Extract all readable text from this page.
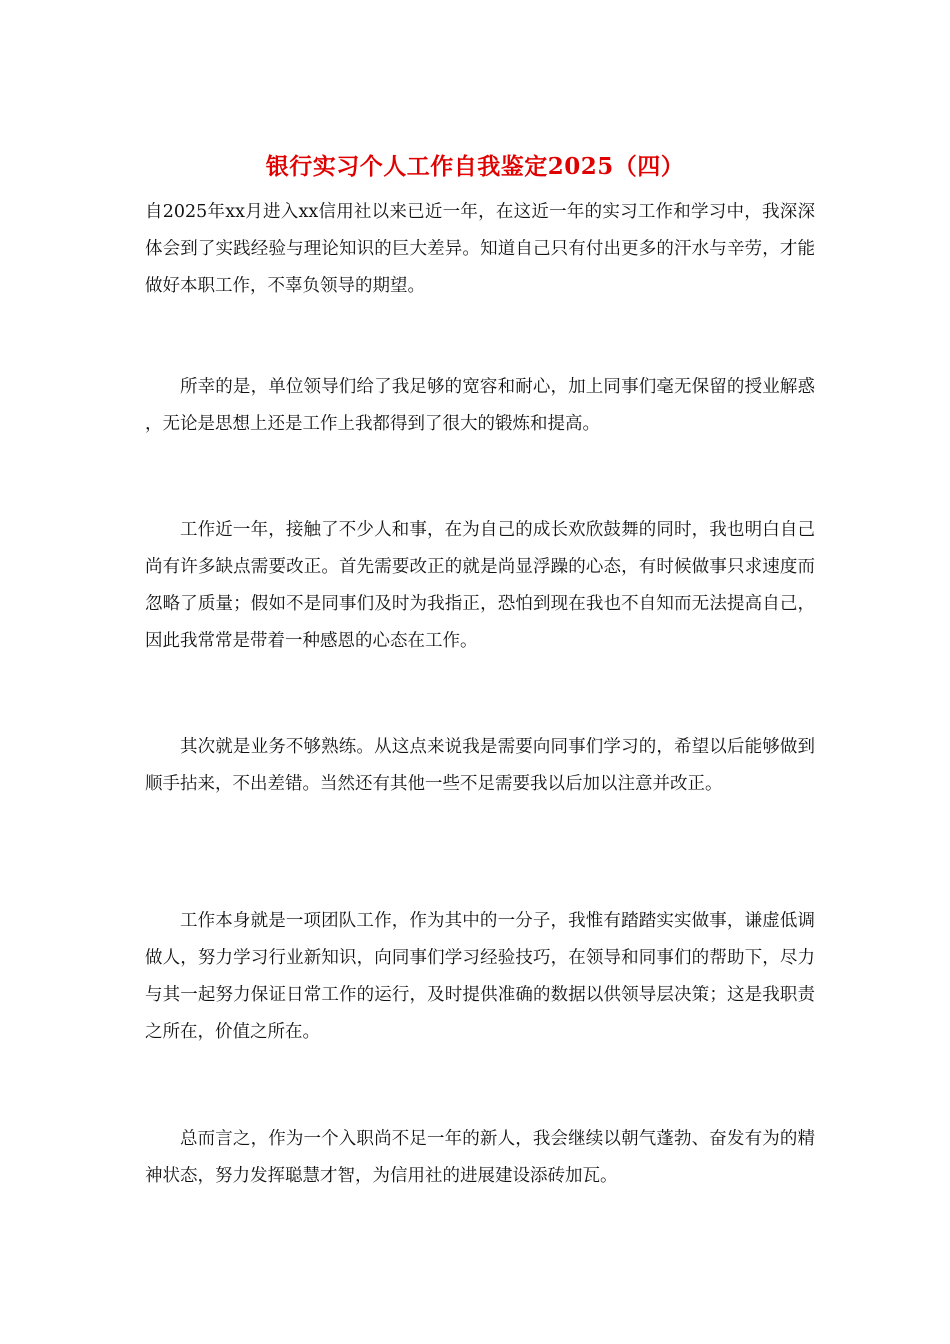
银行实习个人工作自我鉴定2025（四）

自2025年xx月进入xx信用社以来已近一年，在这近一年的实习工作和学习中，我深深体会到了实践经验与理论知识的巨大差异。知道自己只有付出更多的汗水与辛劳，才能做好本职工作，不辜负领导的期望。

所幸的是，单位领导们给了我足够的宽容和耐心，加上同事们毫无保留的授业解惑 ，无论是思想上还是工作上我都得到了很大的锻炼和提高。

工作近一年，接触了不少人和事，在为自己的成长欢欣鼓舞的同时，我也明白自己尚有许多缺点需要改正。首先需要改正的就是尚显浮躁的心态，有时候做事只求速度而忽略了质量；假如不是同事们及时为我指正，恐怕到现在我也不自知而无法提高自己，因此我常常是带着一种感恩的心态在工作。

其次就是业务不够熟练。从这点来说我是需要向同事们学习的，希望以后能够做到顺手拈来，不出差错。当然还有其他一些不足需要我以后加以注意并改正。

工作本身就是一项团队工作，作为其中的一分子，我惟有踏踏实实做事，谦虚低调做人，努力学习行业新知识，向同事们学习经验技巧，在领导和同事们的帮助下，尽力与其一起努力保证日常工作的运行，及时提供准确的数据以供领导层决策；这是我职责之所在，价值之所在。

总而言之，作为一个入职尚不足一年的新人，我会继续以朝气蓬勃、奋发有为的精神状态，努力发挥聪慧才智，为信用社的进展建设添砖加瓦。
